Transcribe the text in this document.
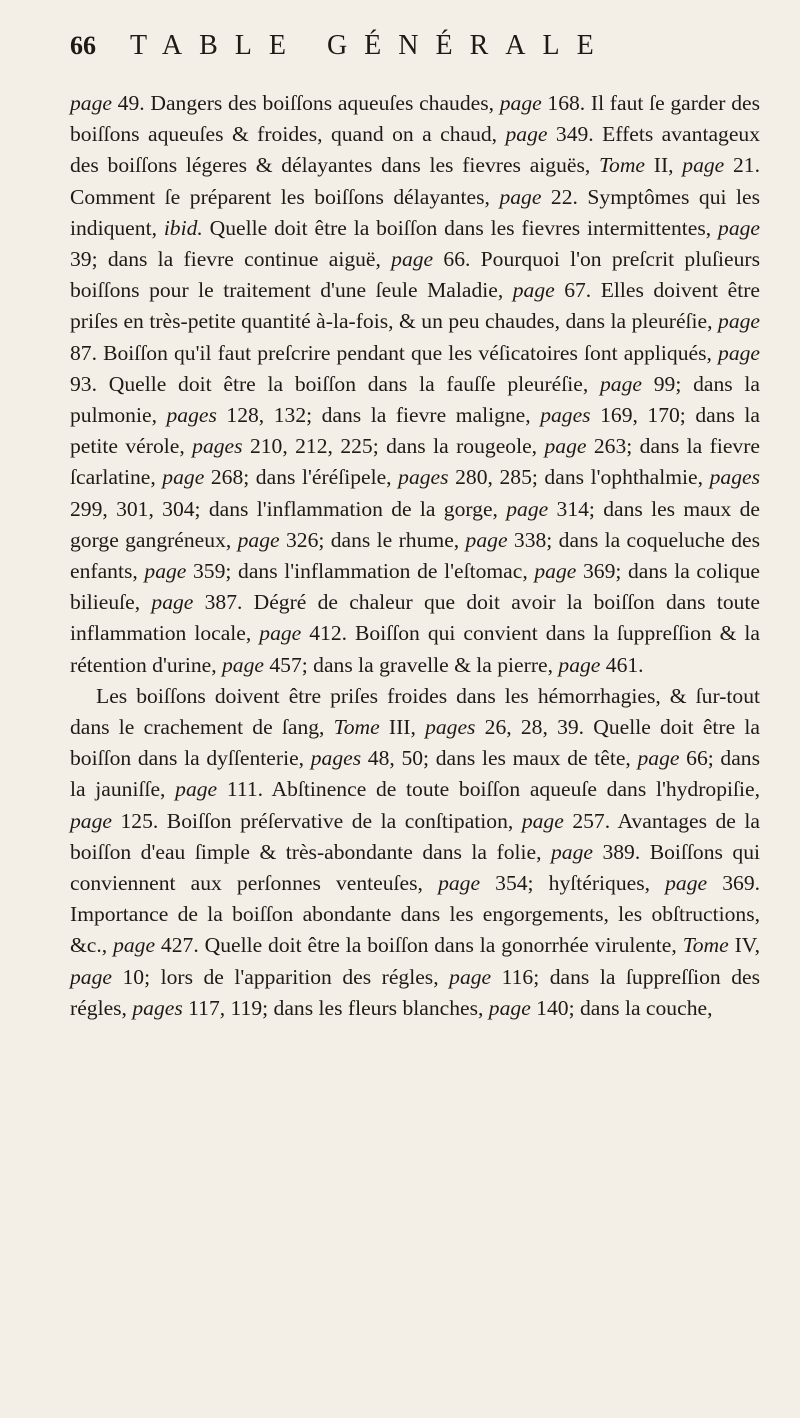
66	TABLE GÉNÉRALE

page 49. Dangers des boiſſons aqueuſes chaudes, page 168. Il faut ſe garder des boiſſons aqueuſes & froides, quand on a chaud, page 349. Effets avantageux des boiſſons légeres & délayantes dans les fievres aiguës, Tome II, page 21. Comment ſe préparent les boiſſons délayantes, page 22. Symptômes qui les indiquent, ibid. Quelle doit être la boiſſon dans les fievres intermittentes, page 39; dans la fievre continue aiguë, page 66. Pourquoi l'on preſcrit pluſieurs boiſſons pour le traitement d'une ſeule Maladie, page 67. Elles doivent être priſes en très-petite quantité à-la-fois, & un peu chaudes, dans la pleuréſie, page 87. Boiſſon qu'il faut preſcrire pendant que les véſicatoires ſont appliqués, page 93. Quelle doit être la boiſſon dans la fauſſe pleuréſie, page 99; dans la pulmonie, pages 128, 132; dans la fievre maligne, pages 169, 170; dans la petite vérole, pages 210, 212, 225; dans la rougeole, page 263; dans la fievre ſcarlatine, page 268; dans l'éréſipele, pages 280, 285; dans l'ophthalmie, pages 299, 301, 304; dans l'inflammation de la gorge, page 314; dans les maux de gorge gangréneux, page 326; dans le rhume, page 338; dans la coqueluche des enfants, page 359; dans l'inflammation de l'eſtomac, page 369; dans la colique bilieuſe, page 387. Dégré de chaleur que doit avoir la boiſſon dans toute inflammation locale, page 412. Boiſſon qui convient dans la ſuppreſſion & la rétention d'urine, page 457; dans la gravelle & la pierre, page 461.

Les boiſſons doivent être priſes froides dans les hémorrhagies, & ſur-tout dans le crachement de ſang, Tome III, pages 26, 28, 39. Quelle doit être la boiſſon dans la dyſſenterie, pages 48, 50; dans les maux de tête, page 66; dans la jauniſſe, page 111. Abſtinence de toute boiſſon aqueuſe dans l'hydropiſie, page 125. Boiſſon préſervative de la conſtipation, page 257. Avantages de la boiſſon d'eau ſimple & très-abondante dans la folie, page 389. Boiſſons qui conviennent aux perſonnes venteuſes, page 354; hyſtériques, page 369. Importance de la boiſſon abondante dans les engorgements, les obſtructions, &c., page 427. Quelle doit être la boiſſon dans la gonorrhée virulente, Tome IV, page 10; lors de l'apparition des régles, page 116; dans la ſuppreſſion des régles, pages 117, 119; dans les fleurs blanches, page 140; dans la couche,
